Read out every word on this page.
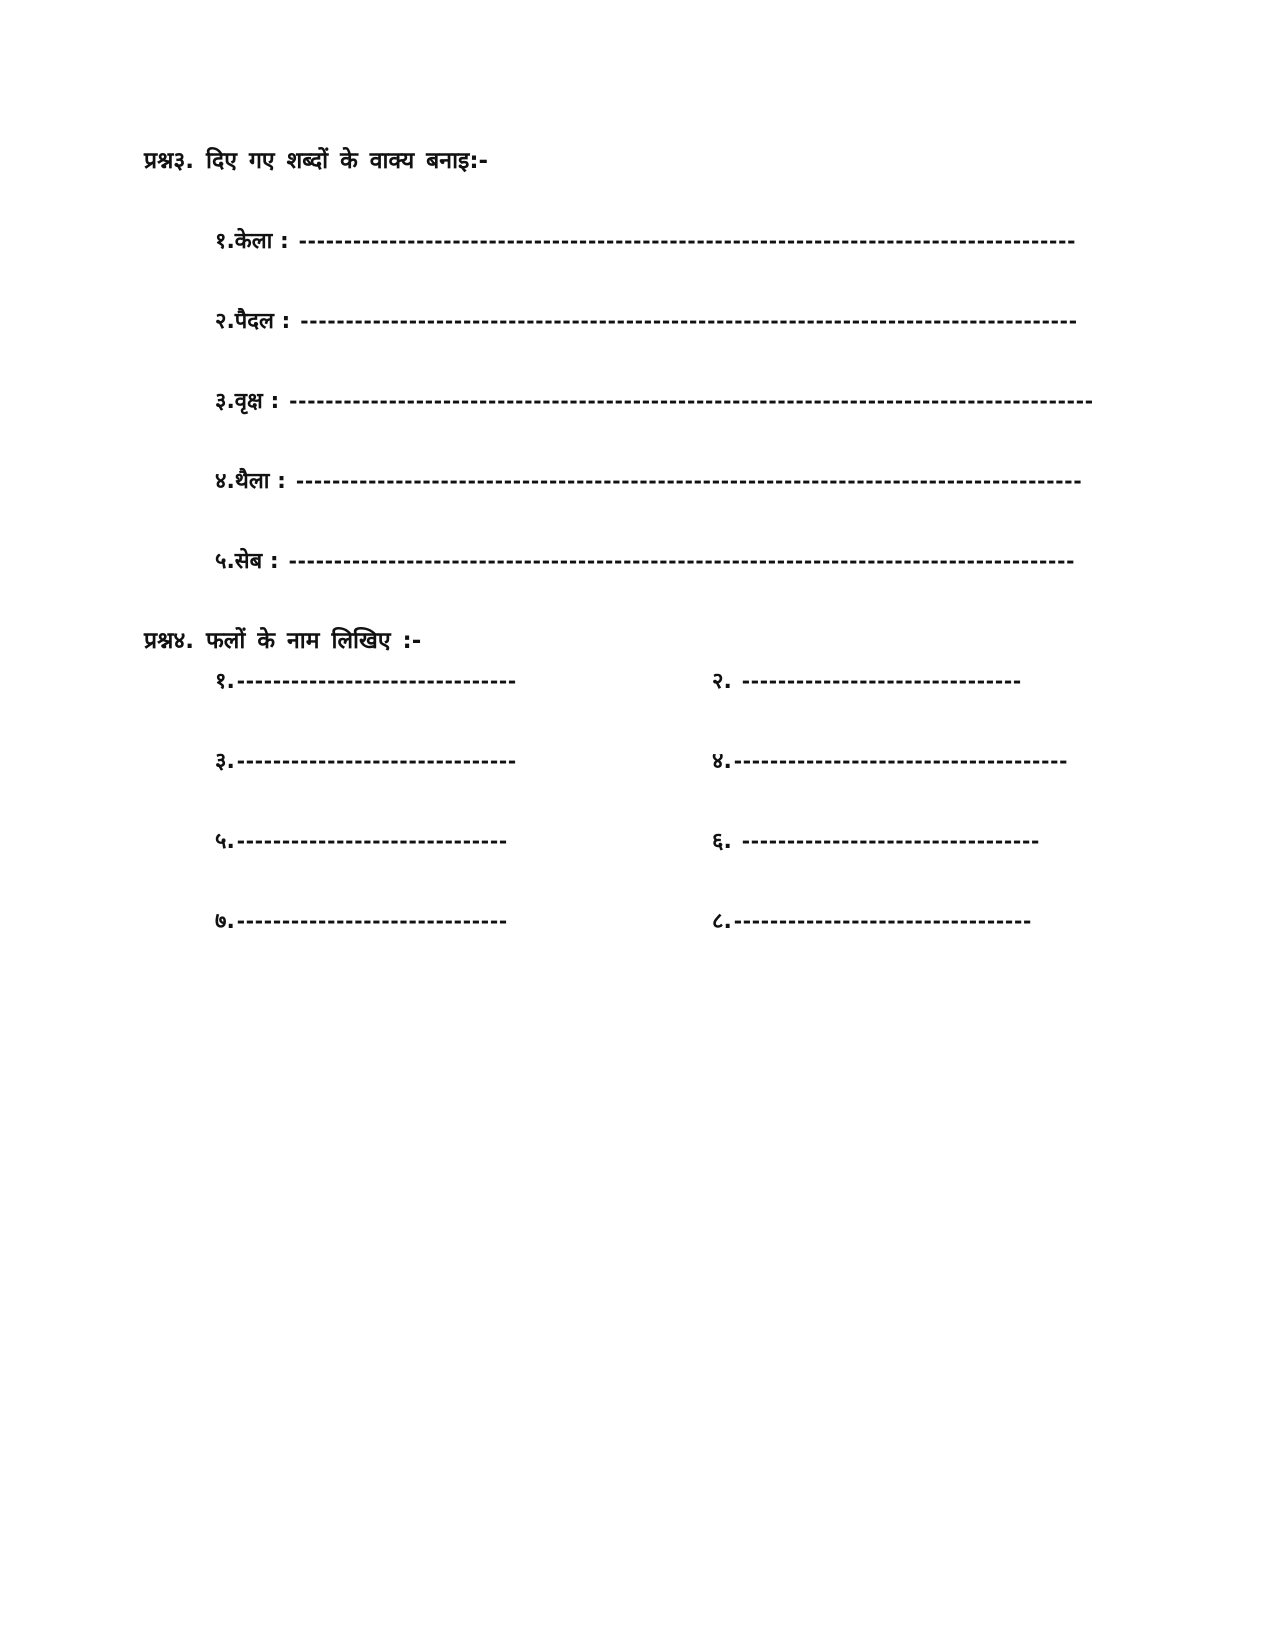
प्रश्न३. दिए गए शब्दों के वाक्य बनाइ:-
१.केला : --------------------------------------------------------------------------------------
२.पैदल : --------------------------------------------------------------------------------------
३.वृक्ष : -----------------------------------------------------------------------------------------
४.थैला : ---------------------------------------------------------------------------------------
५.सेब : ---------------------------------------------------------------------------------------
प्रश्न४. फलों के नाम लिखिए :-
१.-------------------------------	२. -------------------------------
३.-------------------------------	४.-------------------------------------
५.------------------------------	६. ---------------------------------
७.------------------------------	८.---------------------------------
